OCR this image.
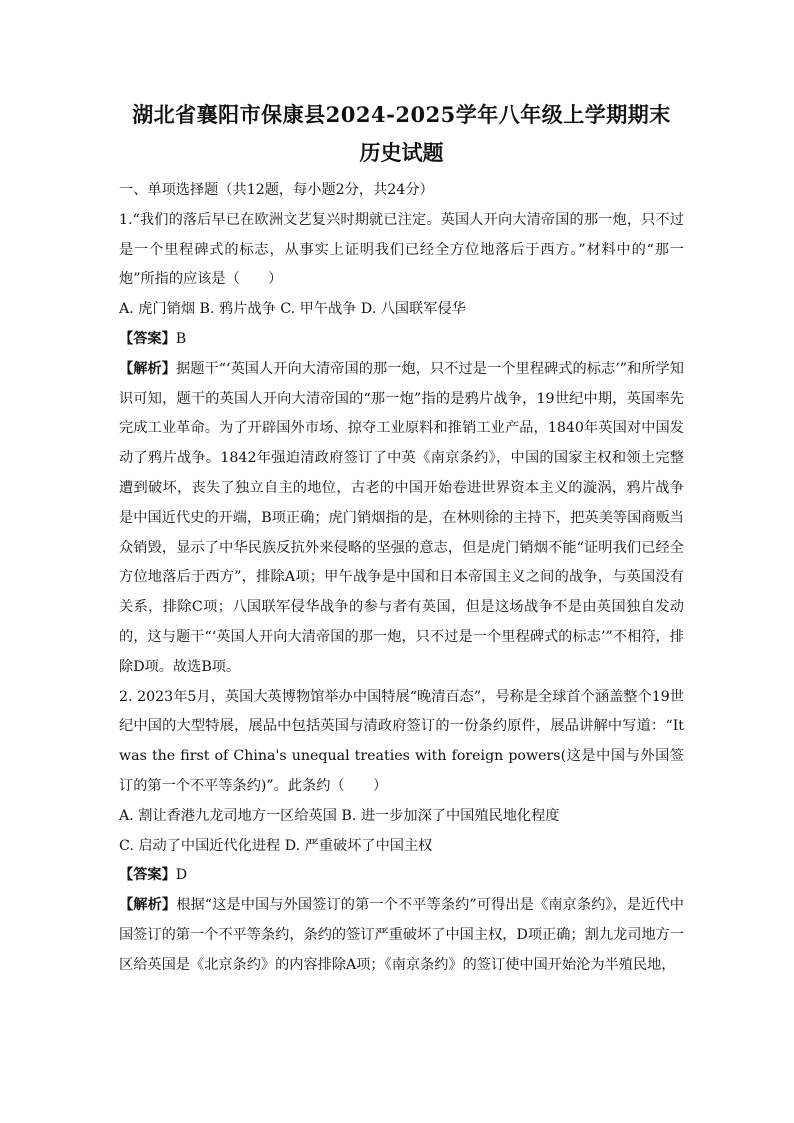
湖北省襄阳市保康县2024-2025学年八年级上学期期末
历史试题

一、单项选择题（共12题，每小题2分，共24分）

1.“我们的落后早已在欧洲文艺复兴时期就已注定。英国人开向大清帝国的那一炮，只不过是一个里程碑式的标志，从事实上证明我们已经全方位地落后于西方。”材料中的“那一炮”所指的应该是（　　）

A. 虎门销烟 B. 鸦片战争 C. 甲午战争 D. 八国联军侵华

【答案】B

【解析】据题干“‘英国人开向大清帝国的那一炮，只不过是一个里程碑式的标志’”和所学知识可知，题干的英国人开向大清帝国的“那一炮”指的是鸦片战争，19世纪中期，英国率先完成工业革命。为了开辟国外市场、掠夺工业原料和推销工业产品，1840年英国对中国发动了鸦片战争。1842年强迫清政府签订了中英《南京条约》，中国的国家主权和领土完整遭到破坏，丧失了独立自主的地位，古老的中国开始卷进世界资本主义的漩涡，鸦片战争是中国近代史的开端，B项正确；虎门销烟指的是，在林则徐的主持下，把英美等国商贩当众销毁，显示了中华民族反抗外来侵略的坚强的意志，但是虎门销烟不能“证明我们已经全方位地落后于西方”，排除A项；甲午战争是中国和日本帝国主义之间的战争，与英国没有关系，排除C项；八国联军侵华战争的参与者有英国，但是这场战争不是由英国独自发动的，这与题干“‘英国人开向大清帝国的那一炮，只不过是一个里程碑式的标志’”不相符，排除D项。故选B项。

2. 2023年5月，英国大英博物馆举办中国特展“晚清百态”，号称是全球首个涵盖整个19世纪中国的大型特展，展品中包括英国与清政府签订的一份条约原件，展品讲解中写道：“It was the first of China's unequal treaties with foreign powers(这是中国与外国签订的第一个不平等条约)”。此条约（　　）

A. 割让香港九龙司地方一区给英国 B. 进一步加深了中国殖民地化程度

C. 启动了中国近代化进程 D. 严重破坏了中国主权

【答案】D

【解析】根据“这是中国与外国签订的第一个不平等条约”可得出是《南京条约》，是近代中国签订的第一个不平等条约，条约的签订严重破坏了中国主权，D项正确；割九龙司地方一区给英国是《北京条约》的内容排除A项；《南京条约》的签订使中国开始沦为半殖民地，
